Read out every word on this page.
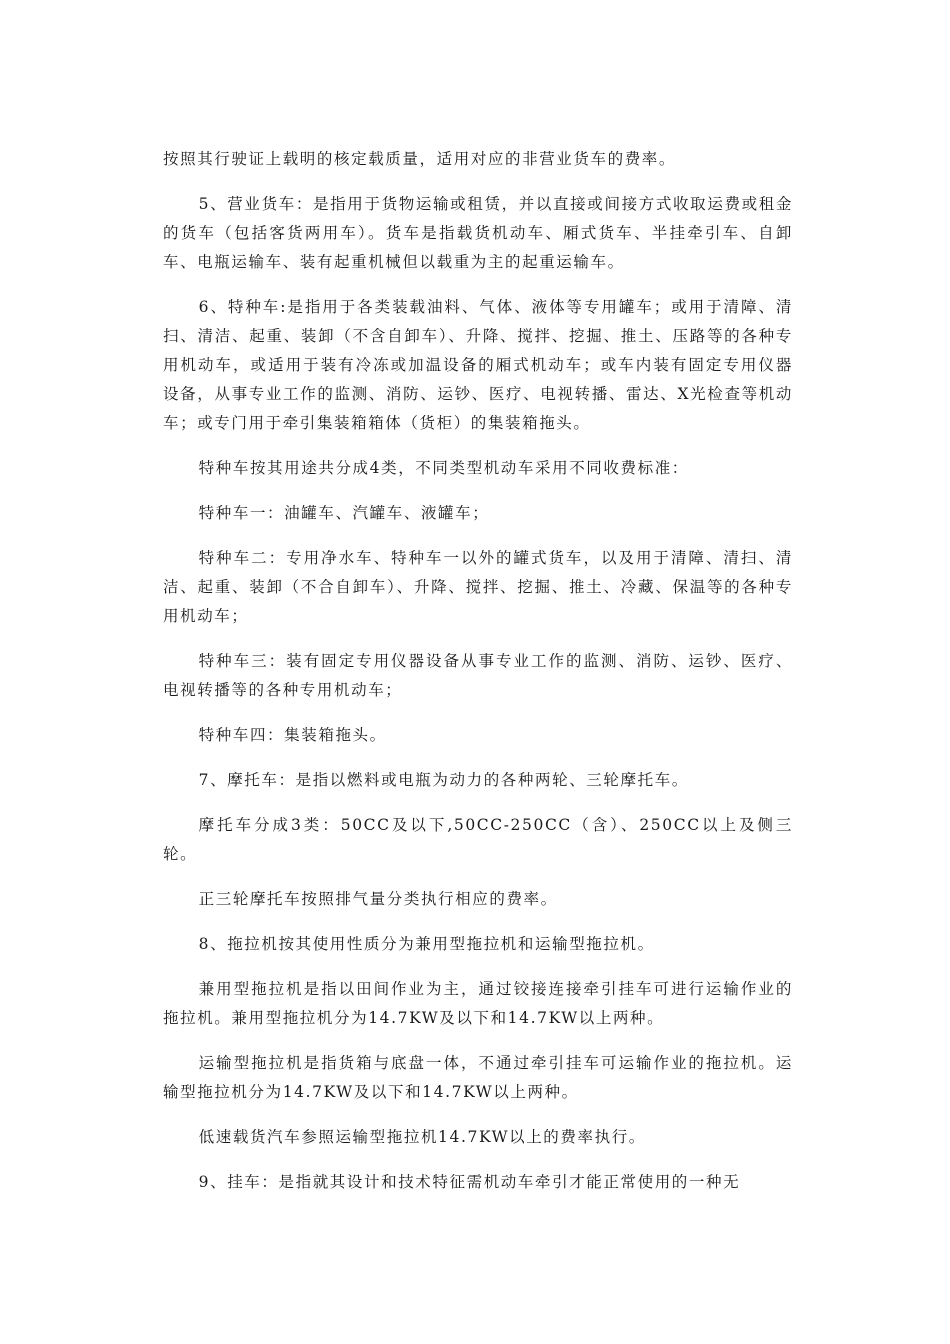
按照其行驶证上载明的核定载质量，适用对应的非营业货车的费率。

5、营业货车：是指用于货物运输或租赁，并以直接或间接方式收取运费或租金的货车（包括客货两用车）。货车是指载货机动车、厢式货车、半挂牵引车、自卸车、电瓶运输车、装有起重机械但以载重为主的起重运输车。

6、特种车:是指用于各类装载油料、气体、液体等专用罐车；或用于清障、清扫、清洁、起重、装卸（不含自卸车）、升降、搅拌、挖掘、推土、压路等的各种专用机动车，或适用于装有冷冻或加温设备的厢式机动车；或车内装有固定专用仪器设备，从事专业工作的监测、消防、运钞、医疗、电视转播、雷达、X光检查等机动车；或专门用于牵引集装箱箱体（货柜）的集装箱拖头。

特种车按其用途共分成4类，不同类型机动车采用不同收费标准：

特种车一：油罐车、汽罐车、液罐车；

特种车二：专用净水车、特种车一以外的罐式货车，以及用于清障、清扫、清洁、起重、装卸（不合自卸车）、升降、搅拌、挖掘、推土、冷藏、保温等的各种专用机动车；

特种车三：装有固定专用仪器设备从事专业工作的监测、消防、运钞、医疗、电视转播等的各种专用机动车；

特种车四：集装箱拖头。

7、摩托车：是指以燃料或电瓶为动力的各种两轮、三轮摩托车。

摩托车分成3类：50CC及以下,50CC-250CC（含）、250CC以上及侧三轮。

正三轮摩托车按照排气量分类执行相应的费率。

8、拖拉机按其使用性质分为兼用型拖拉机和运输型拖拉机。

兼用型拖拉机是指以田间作业为主，通过铰接连接牵引挂车可进行运输作业的拖拉机。兼用型拖拉机分为14.7KW及以下和14.7KW以上两种。

运输型拖拉机是指货箱与底盘一体，不通过牵引挂车可运输作业的拖拉机。运输型拖拉机分为14.7KW及以下和14.7KW以上两种。

低速载货汽车参照运输型拖拉机14.7KW以上的费率执行。

9、挂车：是指就其设计和技术特征需机动车牵引才能正常使用的一种无
